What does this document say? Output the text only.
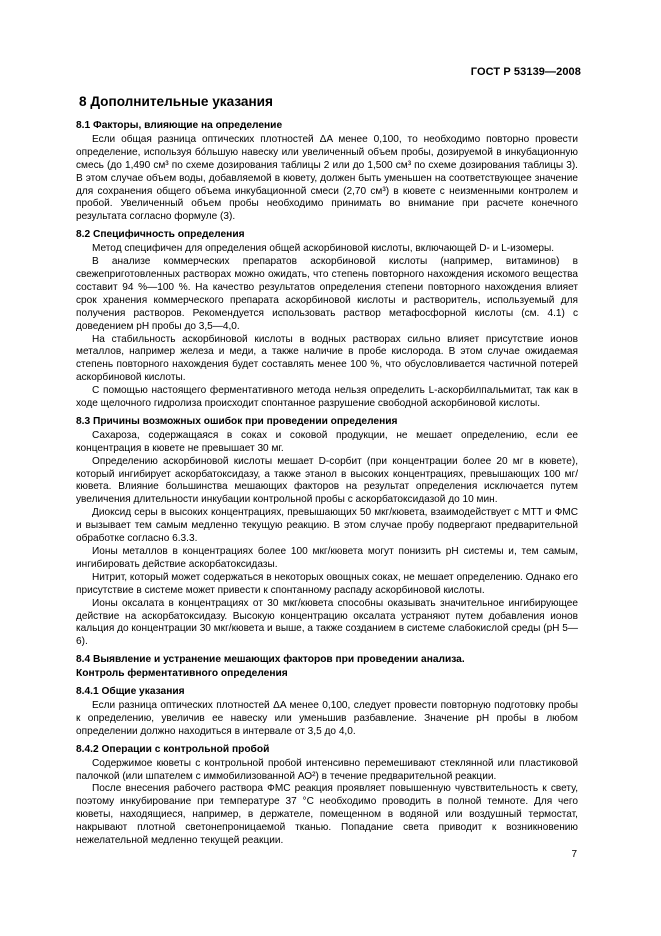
ГОСТ Р 53139—2008
8 Дополнительные указания
8.1 Факторы, влияющие на определение

Если общая разница оптических плотностей ΔA менее 0,100, то необходимо повторно провести определение, используя бо́льшую навеску или увеличенный объем пробы, дозируемой в инкубационную смесь (до 1,490 см³ по схеме дозирования таблицы 2 или до 1,500 см³ по схеме дозирования таблицы 3). В этом случае объем воды, добавляемой в кювету, должен быть уменьшен на соответствующее значение для сохранения общего объема инкубационной смеси (2,70 см³) в кювете с неизменными контролем и пробой. Увеличенный объем пробы необходимо принимать во внимание при расчете конечного результата согласно формуле (3).

8.2 Специфичность определения

Метод специфичен для определения общей аскорбиновой кислоты, включающей D- и L-изомеры.

В анализе коммерческих препаратов аскорбиновой кислоты (например, витаминов) в свежеприготовленных растворах можно ожидать, что степень повторного нахождения искомого вещества составит 94 %—100 %. На качество результатов определения степени повторного нахождения влияет срок хранения коммерческого препарата аскорбиновой кислоты и растворитель, используемый для получения растворов. Рекомендуется использовать раствор метафосфорной кислоты (см. 4.1) с доведением pH пробы до 3,5—4,0.

На стабильность аскорбиновой кислоты в водных растворах сильно влияет присутствие ионов металлов, например железа и меди, а также наличие в пробе кислорода. В этом случае ожидаемая степень повторного нахождения будет составлять менее 100 %, что обусловливается частичной потерей аскорбиновой кислоты.

С помощью настоящего ферментативного метода нельзя определить L-аскорбилпальмитат, так как в ходе щелочного гидролиза происходит спонтанное разрушение свободной аскорбиновой кислоты.

8.3 Причины возможных ошибок при проведении определения

Сахароза, содержащаяся в соках и соковой продукции, не мешает определению, если ее концентрация в кювете не превышает 30 мг.

Определению аскорбиновой кислоты мешает D-сорбит (при концентрации более 20 мг в кювете), который ингибирует аскорбатоксидазу, а также этанол в высоких концентрациях, превышающих 100 мг/кювета. Влияние большинства мешающих факторов на результат определения исключается путем увеличения длительности инкубации контрольной пробы с аскорбатоксидазой до 10 мин.

Диоксид серы в высоких концентрациях, превышающих 50 мкг/кювета, взаимодействует с МТТ и ФМС и вызывает тем самым медленно текущую реакцию. В этом случае пробу подвергают предварительной обработке согласно 6.3.3.

Ионы металлов в концентрациях более 100 мкг/кювета могут понизить pH системы и, тем самым, ингибировать действие аскорбатоксидазы.

Нитрит, который может содержаться в некоторых овощных соках, не мешает определению. Однако его присутствие в системе может привести к спонтанному распаду аскорбиновой кислоты.

Ионы оксалата в концентрациях от 30 мкг/кювета способны оказывать значительное ингибирующее действие на аскорбатоксидазу. Высокую концентрацию оксалата устраняют путем добавления ионов кальция до концентрации 30 мкг/кювета и выше, а также созданием в системе слабокислой среды (pH 5—6).

8.4 Выявление и устранение мешающих факторов при проведении анализа.
Контроль ферментативного определения
8.4.1 Общие указания

Если разница оптических плотностей ΔA менее 0,100, следует провести повторную подготовку пробы к определению, увеличив ее навеску или уменьшив разбавление. Значение pH пробы в любом определении должно находиться в интервале от 3,5 до 4,0.

8.4.2 Операции с контрольной пробой

Содержимое кюветы с контрольной пробой интенсивно перемешивают стеклянной или пластиковой палочкой (или шпателем с иммобилизованной АО²) в течение предварительной реакции.

После внесения рабочего раствора ФМС реакция проявляет повышенную чувствительность к свету, поэтому инкубирование при температуре 37 °С необходимо проводить в полной темноте. Для чего кюветы, находящиеся, например, в держателе, помещенном в водяной или воздушный термостат, накрывают плотной светонепроницаемой тканью. Попадание света приводит к возникновению нежелательной медленно текущей реакции.

7
